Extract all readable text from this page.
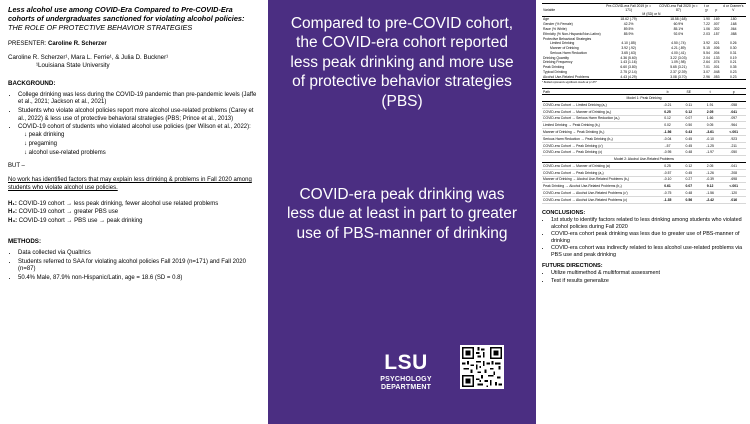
Less alcohol use among COVID-Era Compared to Pre-COVID-Era cohorts of undergraduates sanctioned for violating alcohol policies:
THE ROLE OF PROTECTIVE BEHAVIOR STRATEGIES
PRESENTER: Caroline R. Scherzer
Caroline R. Scherzer¹, Mara L. Ferrie¹, & Julia D. Buckner¹
¹Louisiana State University
BACKGROUND:
• College drinking was less during the COVID-19 pandemic than pre-pandemic levels (Jaffe et al., 2021; Jackson et al., 2021)
• Students who violate alcohol policies report more alcohol use-related problems (Carey et al., 2022) & less use of protective behavioral strategies (PBS; Prince et al., 2013)
• COVID-19 cohort of students who violated alcohol use policies (per Wilson et al., 2022):
↓ peak drinking
↓ pregaming
↓ alcohol use-related problems
BUT –
No work has identified factors that may explain less drinking & problems in Fall 2020 among students who violate alcohol use policies.
H₁: COVID-19 cohort → less peak drinking, fewer alcohol use related problems
H₂: COVID-19 cohort → greater PBS use
H₃: COVID-19 cohort → PBS use → peak drinking
METHODS:
• Data collected via Qualtrics
• Students referred to SAA for violating alcohol policies Fall 2019 (n=171) and Fall 2020 (n=87)
• 50.4% Male, 87.9% non-Hispanic/Latin, age = 18.6 (SD = 0.8)
Compared to pre-COVID cohort, the COVID-era cohort reported less peak drinking and more use of protective behavior strategies (PBS)
COVID-era peak drinking was less due at least in part to greater use of PBS-manner of drinking
LSU
PSYCHOLOGY
DEPARTMENT
Variable	Pre-COVID-era Fall 2019 (n = 171)	COVID-era Fall 2020 (n = 87)	t or χ²	p	d or Cramer's V
	M (SD) or N				
Age	18.62 (.79)	18.58 (.68)	1.90	.169	.180
Gender (% Female)	42.2%	60.9%	7.22	.007	.168
Race (% White)	89.5%	85.1%	1.06	.302	.064
Ethnicity (% Non-Hispanic/Non-Latinx)	85.9%	92.0%	2.03	.157	.088
Protective Behavioral Strategies					
Limited Drinking	4.10 (.85)	4.50 (.74)	3.92	.021	0.26
Manner of Drinking	3.92 (.92)	4.21 (.89)	5.15	.006	0.30
Serious Harm Reduction	3.65 (.63)	4.00 (.41)	5.54	.004	0.31
Drinking Quantity	4.36 (5.60)	3.22 (3.03)	2.04	.133	0.19
Drinking Frequency	1.43 (1.16)	1.09 (.98)	2.64	.074	0.21
Peak Drinking	6.60 (3.80)	5.65 (3.21)	7.01	.001	0.35
Typical Drinking	2.75 (2.14)	2.37 (2.39)	3.07	.048	0.23
Alcohol Use-Related Problems	4.43 (4.29)	3.08 (3.70)	2.96	.053	0.23
* Bolded represents significant results at p<.05*
Path	b	SE	t	p
Model 1: Peak Drinking				
COVID-era Cohort → Limited Drinking (a₁)	-0.21	0.11	1.91	.058
COVID-era Cohort → Manner of Drinking (a₂)	0.25	0.12	2.05	.041
COVID-era Cohort → Serious Harm Reduction (a₃)	0.12	0.07	1.66	.097
Limited Drinking → Peak Drinking (b₁)	0.02	0.50	0.05	.964
Manner of Drinking → Peak Drinking (b₂)	-1.56	0.43	-3.61	<.001
Serious Harm Reduction → Peak Drinking (b₃)	-0.04	0.45	-0.10	.923
COVID-era Cohort → Peak Drinking (c')	-.57	0.45	-1.25	.211
COVID-era Cohort → Peak Drinking (c)	-0.95	0.48	-1.97	.050
Model 2: Alcohol Use-Related Problems				
COVID-era Cohort → Manner of Drinking (a)	0.25	0.12	2.05	.041
COVID-era Cohort → Peak Drinking (a₂)	-0.57	0.45	-1.26	.208
Manner of Drinking → Alcohol Use-Related Problems (b₁)	-0.10	0.27	-0.39	.698
Peak Drinking → Alcohol Use-Related Problems (b₂)	0.61	0.07	9.12	<.001
COVID-era Cohort → Alcohol Use-Related Problems (c')	-0.75	0.48	-1.56	.120
COVID-era Cohort → Alcohol Use-Related Problems (c)	-1.35	0.56	-2.42	.016
CONCLUSIONS:
• 1st study to identify factors related to less drinking among students who violated alcohol policies during Fall 2020
• COVID-era cohort peak drinking was less due to greater use of PBS-manner of drinking
• COVID-era cohort was indirectly related to less alcohol use-related problems via PBS use and peak drinking
FUTURE DIRECTIONS:
• Utilize multimethod & multiformat assessment
• Test if results generalize
